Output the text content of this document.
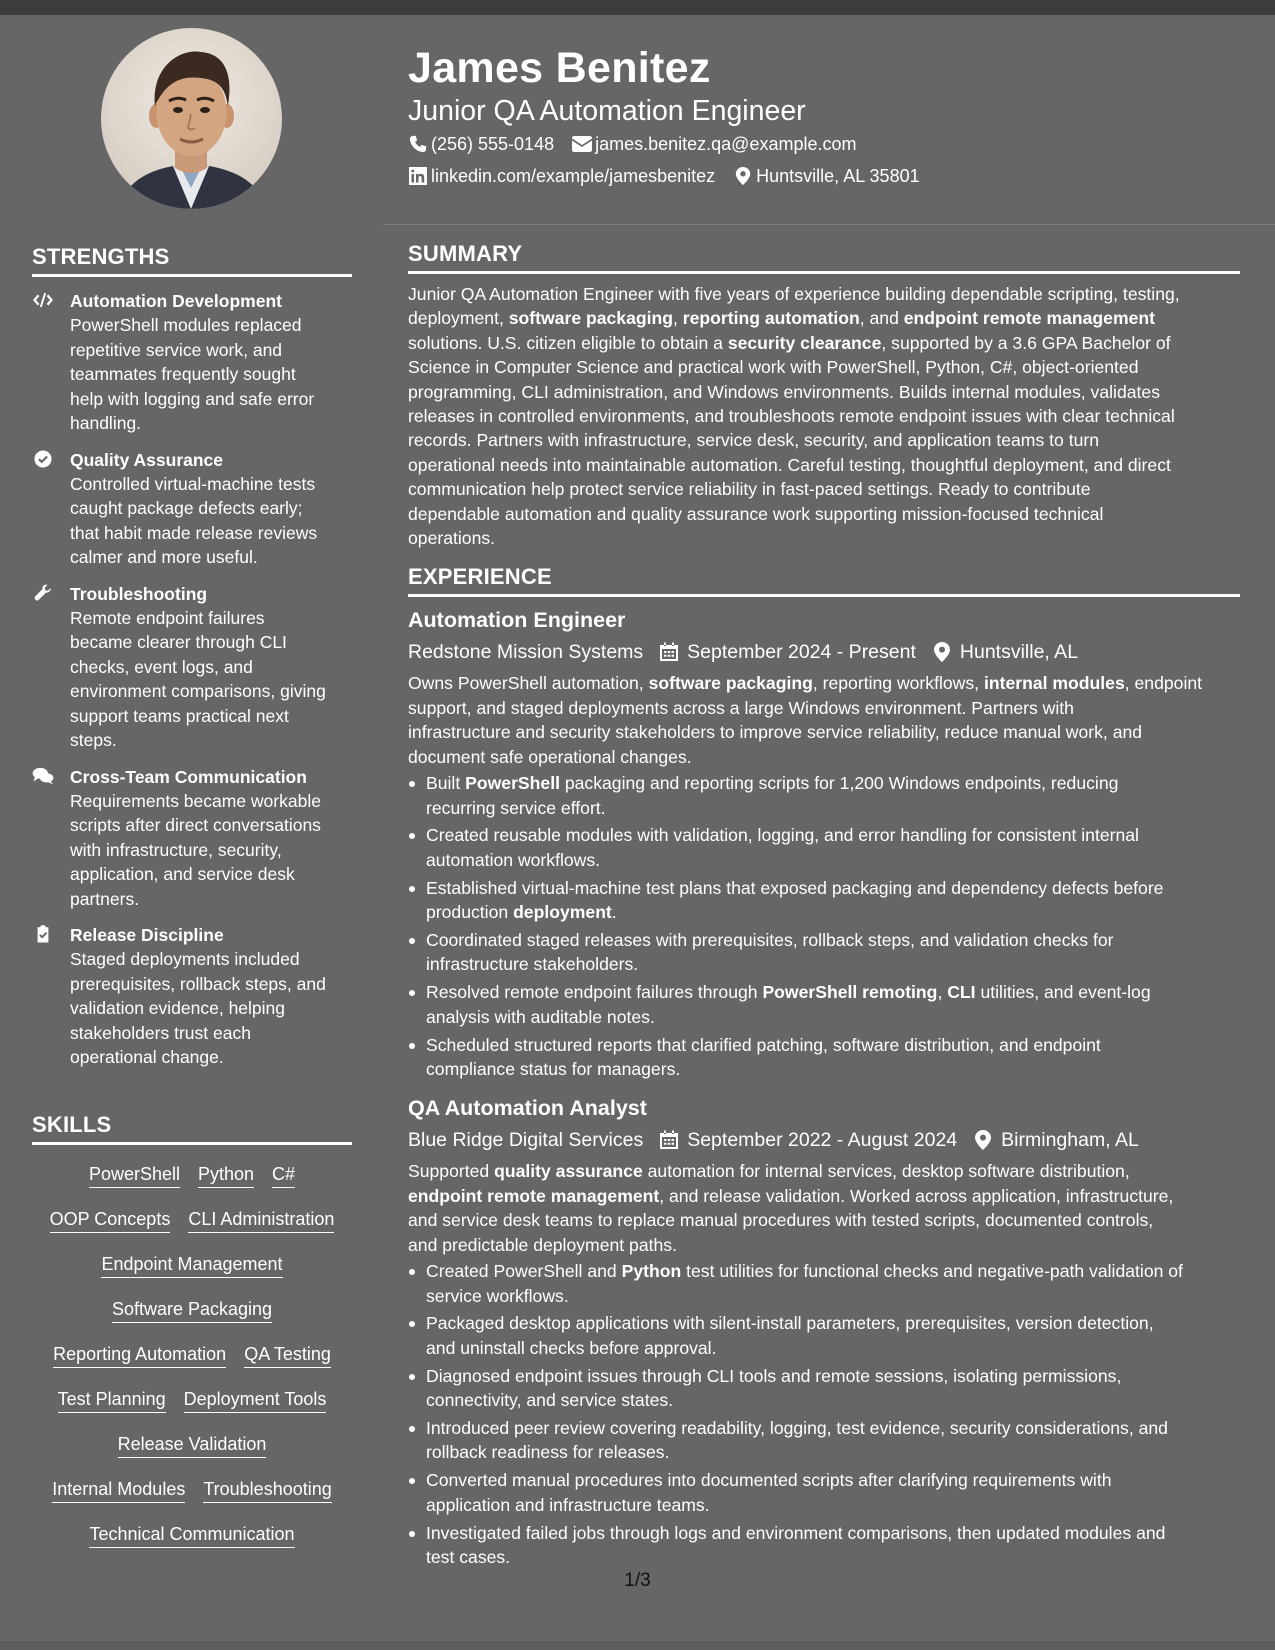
STRENGTHS
Automation Development
PowerShell modules replaced
repetitive service work, and
teammates frequently sought
help with logging and safe error
handling.
Quality Assurance
Controlled virtual-machine tests
caught package defects early;
that habit made release reviews
calmer and more useful.
Troubleshooting
Remote endpoint failures
became clearer through CLI
checks, event logs, and
environment comparisons, giving
support teams practical next
steps.
Cross-Team Communication
Requirements became workable
scripts after direct conversations
with infrastructure, security,
application, and service desk
partners.
Release Discipline
Staged deployments included
prerequisites, rollback steps, and
validation evidence, helping
stakeholders trust each
operational change.
SKILLS
PowerShell Python C#
OOP Concepts CLI Administration
Endpoint Management
Software Packaging
Reporting Automation QA Testing
Test Planning Deployment Tools
Release Validation
Internal Modules Troubleshooting
Technical Communication
James Benitez
Junior QA Automation Engineer
(256) 555-0148 james.benitez.qa@example.com
linkedin.com/example/jamesbenitez Huntsville, AL 35801
SUMMARY
Junior QA Automation Engineer with five years of experience building dependable scripting, testing,
deployment, software packaging, reporting automation, and endpoint remote management
solutions. U.S. citizen eligible to obtain a security clearance, supported by a 3.6 GPA Bachelor of
Science in Computer Science and practical work with PowerShell, Python, C#, object-oriented
programming, CLI administration, and Windows environments. Builds internal modules, validates
releases in controlled environments, and troubleshoots remote endpoint issues with clear technical
records. Partners with infrastructure, service desk, security, and application teams to turn
operational needs into maintainable automation. Careful testing, thoughtful deployment, and direct
communication help protect service reliability in fast-paced settings. Ready to contribute
dependable automation and quality assurance work supporting mission-focused technical
operations.
EXPERIENCE
Automation Engineer
Redstone Mission Systems September 2024 - Present Huntsville, AL
Owns PowerShell automation, software packaging, reporting workflows, internal modules, endpoint
support, and staged deployments across a large Windows environment. Partners with
infrastructure and security stakeholders to improve service reliability, reduce manual work, and
document safe operational changes.
Built PowerShell packaging and reporting scripts for 1,200 Windows endpoints, reducing
recurring service effort.
Created reusable modules with validation, logging, and error handling for consistent internal
automation workflows.
Established virtual-machine test plans that exposed packaging and dependency defects before
production deployment.
Coordinated staged releases with prerequisites, rollback steps, and validation checks for
infrastructure stakeholders.
Resolved remote endpoint failures through PowerShell remoting, CLI utilities, and event-log
analysis with auditable notes.
Scheduled structured reports that clarified patching, software distribution, and endpoint
compliance status for managers.
QA Automation Analyst
Blue Ridge Digital Services September 2022 - August 2024 Birmingham, AL
Supported quality assurance automation for internal services, desktop software distribution,
endpoint remote management, and release validation. Worked across application, infrastructure,
and service desk teams to replace manual procedures with tested scripts, documented controls,
and predictable deployment paths.
Created PowerShell and Python test utilities for functional checks and negative-path validation of
service workflows.
Packaged desktop applications with silent-install parameters, prerequisites, version detection,
and uninstall checks before approval.
Diagnosed endpoint issues through CLI tools and remote sessions, isolating permissions,
connectivity, and service states.
Introduced peer review covering readability, logging, test evidence, security considerations, and
rollback readiness for releases.
Converted manual procedures into documented scripts after clarifying requirements with
application and infrastructure teams.
Investigated failed jobs through logs and environment comparisons, then updated modules and
test cases.
1/3
